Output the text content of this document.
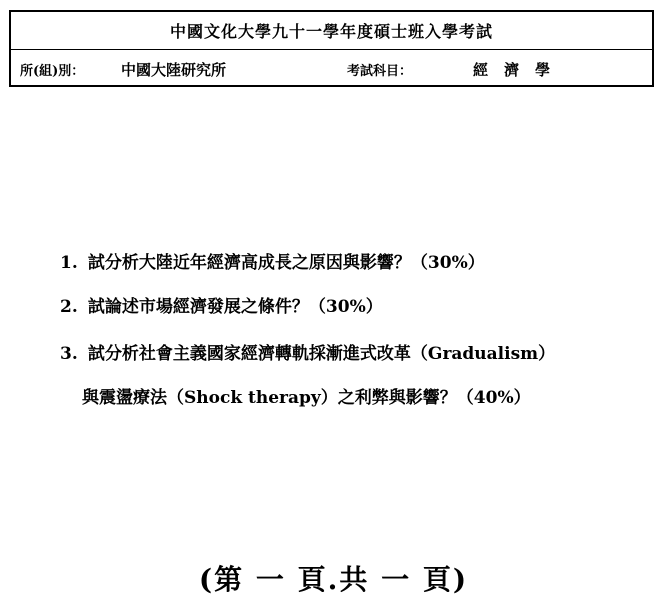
中國文化大學九十一學年度碩士班入學考試
所(組)別： 中國大陸研究所	考試科目：	經濟學
1. 試分析大陸近年經濟高成長之原因與影響？（30%）
2. 試論述市場經濟發展之條件？（30%）
3. 試分析社會主義國家經濟轉軌採漸進式改革（Gradualism）
與震盪療法（Shock therapy）之利弊與影響？（40%）
(第 一 頁.共 一 頁)
